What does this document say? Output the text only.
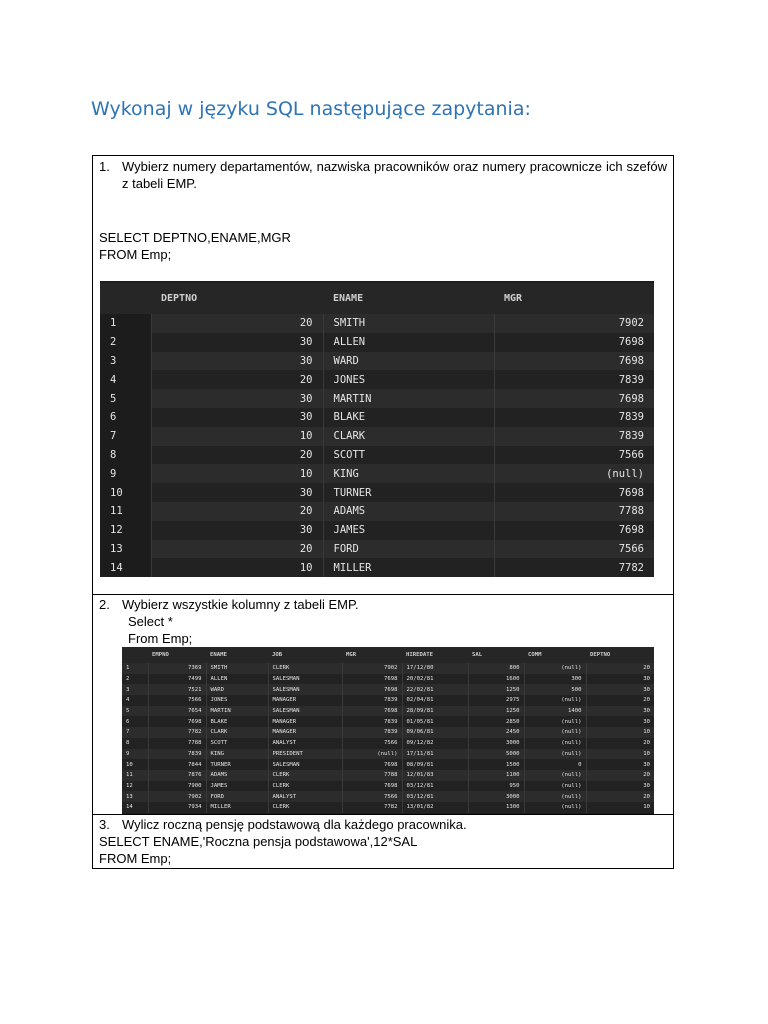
Wykonaj w języku SQL następujące zapytania:
1. Wybierz numery departamentów, nazwiska pracowników oraz numery pracownicze ich szefów z tabeli EMP.

SELECT DEPTNO,ENAME,MGR

FROM Emp;

	DEPTNO	ENAME	MGR
1	20	SMITH	7902
2	30	ALLEN	7698
3	30	WARD	7698
4	20	JONES	7839
5	30	MARTIN	7698
6	30	BLAKE	7839
7	10	CLARK	7839
8	20	SCOTT	7566
9	10	KING	(null)
10	30	TURNER	7698
11	20	ADAMS	7788
12	30	JAMES	7698
13	20	FORD	7566
14	10	MILLER	7782
2. Wybierz wszystkie kolumny z tabeli EMP.

Select *

From Emp;

	EMPNO	ENAME	JOB	MGR	HIREDATE	SAL	COMM	DEPTNO
1	7369	SMITH	CLERK	7902	17/12/80	800	(null)	20
2	7499	ALLEN	SALESMAN	7698	20/02/81	1600	300	30
3	7521	WARD	SALESMAN	7698	22/02/81	1250	500	30
4	7566	JONES	MANAGER	7839	02/04/81	2975	(null)	20
5	7654	MARTIN	SALESMAN	7698	28/09/81	1250	1400	30
6	7698	BLAKE	MANAGER	7839	01/05/81	2850	(null)	30
7	7782	CLARK	MANAGER	7839	09/06/81	2450	(null)	10
8	7788	SCOTT	ANALYST	7566	09/12/82	3000	(null)	20
9	7839	KING	PRESIDENT	(null)	17/11/81	5000	(null)	10
10	7844	TURNER	SALESMAN	7698	08/09/81	1500	0	30
11	7876	ADAMS	CLERK	7788	12/01/83	1100	(null)	20
12	7900	JAMES	CLERK	7698	03/12/81	950	(null)	30
13	7902	FORD	ANALYST	7566	03/12/81	3000	(null)	20
14	7934	MILLER	CLERK	7782	13/01/82	1300	(null)	10
3. Wylicz roczną pensję podstawową dla każdego pracownika.

SELECT ENAME,'Roczna pensja podstawowa',12*SAL

FROM Emp;
